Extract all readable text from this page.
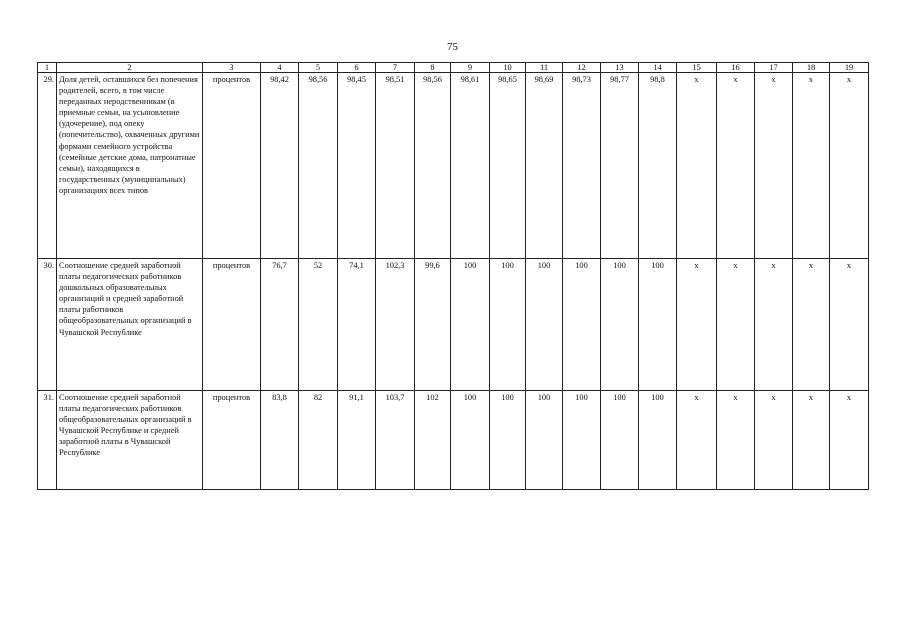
75
1	2	3	4	5	6	7	8	9	10	11	12	13	14	15	16	17	18	19
29.	Доля детей, оставшихся без попечения родителей, всего, в том числе переданных неродственникам (в приемные семьи, на усыновление (удочерение), под опеку (попечительство), охваченных другими формами семейного устройства (семейные детские дома, патронатные семьи), находящихся в государственных (муниципальных) организациях всех типов	процентов	98,42	98,56	98,45	98,51	98,56	98,61	98,65	98,69	98,73	98,77	98,8	х	х	х	х	х
30.	Соотношение средней заработной платы педагогических работников дошкольных образовательных организаций и средней заработной платы работников общеобразовательных организаций в Чувашской Республике	процентов	76,7	52	74,1	102,3	99,6	100	100	100	100	100	100	х	х	х	х	х
31.	Соотношение средней заработной платы педагогических работников общеобразовательных организаций в Чувашской Республике и средней заработной платы в Чувашской Республике	процентов	83,8	82	91,1	103,7	102	100	100	100	100	100	100	х	х	х	х	х
